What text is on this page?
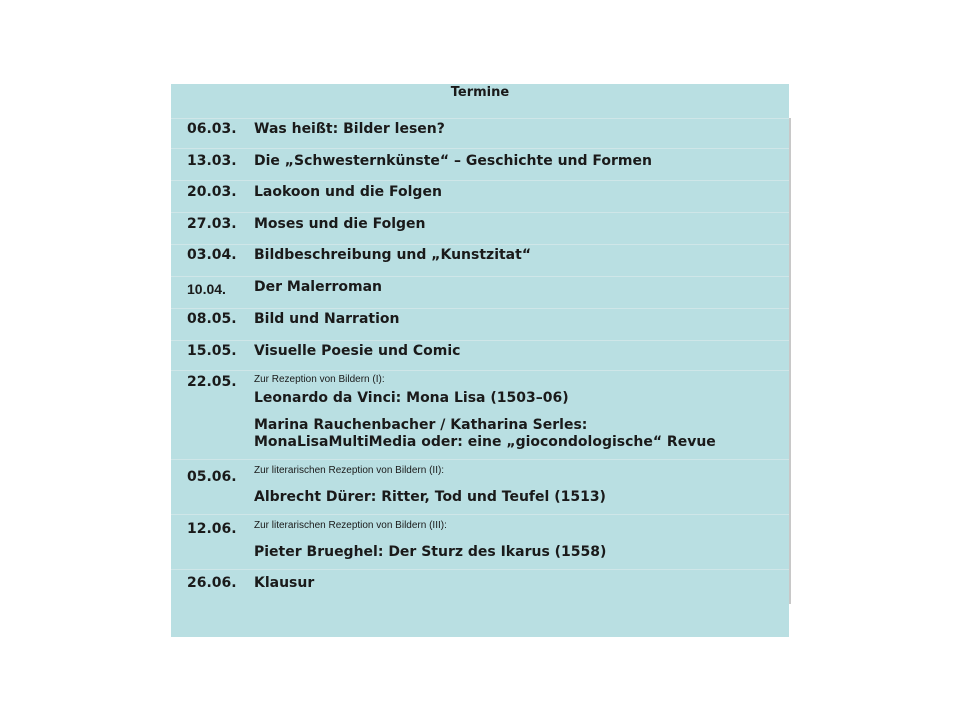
Termine
06.03. Was heißt: Bilder lesen?
13.03. Die „Schwesternkünste“ – Geschichte und Formen
20.03. Laokoon und die Folgen
27.03. Moses und die Folgen
03.04. Bildbeschreibung und „Kunstzitat“
10.04. Der Malerroman
08.05. Bild und Narration
15.05. Visuelle Poesie und Comic
22.05. Zur Rezeption von Bildern (I):
Leonardo da Vinci: Mona Lisa (1503–06)
Marina Rauchenbacher / Katharina Serles:
MonaLisaMultiMedia oder: eine „giocondologische“ Revue
Zur literarischen Rezeption von Bildern (II):
05.06.
Albrecht Dürer: Ritter, Tod und Teufel (1513)
Zur literarischen Rezeption von Bildern (III):
12.06.
Pieter Brueghel: Der Sturz des Ikarus (1558)
26.06. Klausur
